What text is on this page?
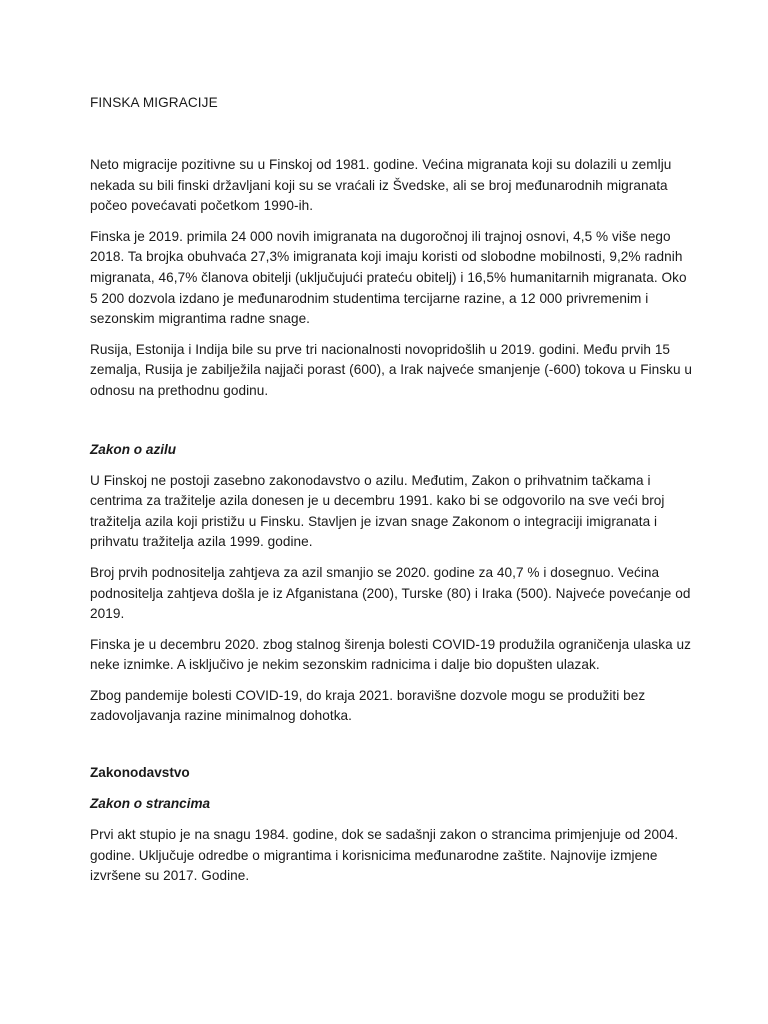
FINSKA MIGRACIJE

Neto migracije pozitivne su u Finskoj od 1981. godine. Većina migranata koji su dolazili u zemlju nekada su bili finski državljani koji su se vraćali iz Švedske, ali se broj međunarodnih migranata počeo povećavati početkom 1990-ih.

Finska je 2019. primila 24 000 novih imigranata na dugoročnoj ili trajnoj osnovi, 4,5 % više nego 2018. Ta brojka obuhvaća 27,3% imigranata koji imaju koristi od slobodne mobilnosti, 9,2% radnih migranata, 46,7% članova obitelji (uključujući prateću obitelj) i 16,5% humanitarnih migranata. Oko 5 200 dozvola izdano je međunarodnim studentima tercijarne razine, a 12 000 privremenim i sezonskim migrantima radne snage.

Rusija, Estonija i Indija bile su prve tri nacionalnosti novopridošlih u 2019. godini. Među prvih 15 zemalja, Rusija je zabilježila najjači porast (600), a Irak najveće smanjenje (-600) tokova u Finsku u odnosu na prethodnu godinu.

Zakon o azilu

U Finskoj ne postoji zasebno zakonodavstvo o azilu. Međutim, Zakon o prihvatnim tačkama i centrima za tražitelje azila donesen je u decembru 1991. kako bi se odgovorilo na sve veći broj tražitelja azila koji pristižu u Finsku. Stavljen je izvan snage Zakonom o integraciji imigranata i prihvatu tražitelja azila 1999. godine.

Broj prvih podnositelja zahtjeva za azil smanjio se 2020. godine za 40,7 % i dosegnuo. Većina podnositelja zahtjeva došla je iz Afganistana (200), Turske (80) i Iraka (500). Najveće povećanje od 2019.

Finska je u decembru 2020. zbog stalnog širenja bolesti COVID-19 produžila ograničenja ulaska uz neke iznimke. A isključivo je nekim sezonskim radnicima i dalje bio dopušten ulazak.

Zbog pandemije bolesti COVID-19, do kraja 2021. boravišne dozvole mogu se produžiti bez zadovoljavanja razine minimalnog dohotka.

Zakonodavstvo
Zakon o strancima

Prvi akt stupio je na snagu 1984. godine, dok se sadašnji zakon o strancima primjenjuje od 2004. godine. Uključuje odredbe o migrantima i korisnicima međunarodne zaštite. Najnovije izmjene izvršene su 2017. Godine.
